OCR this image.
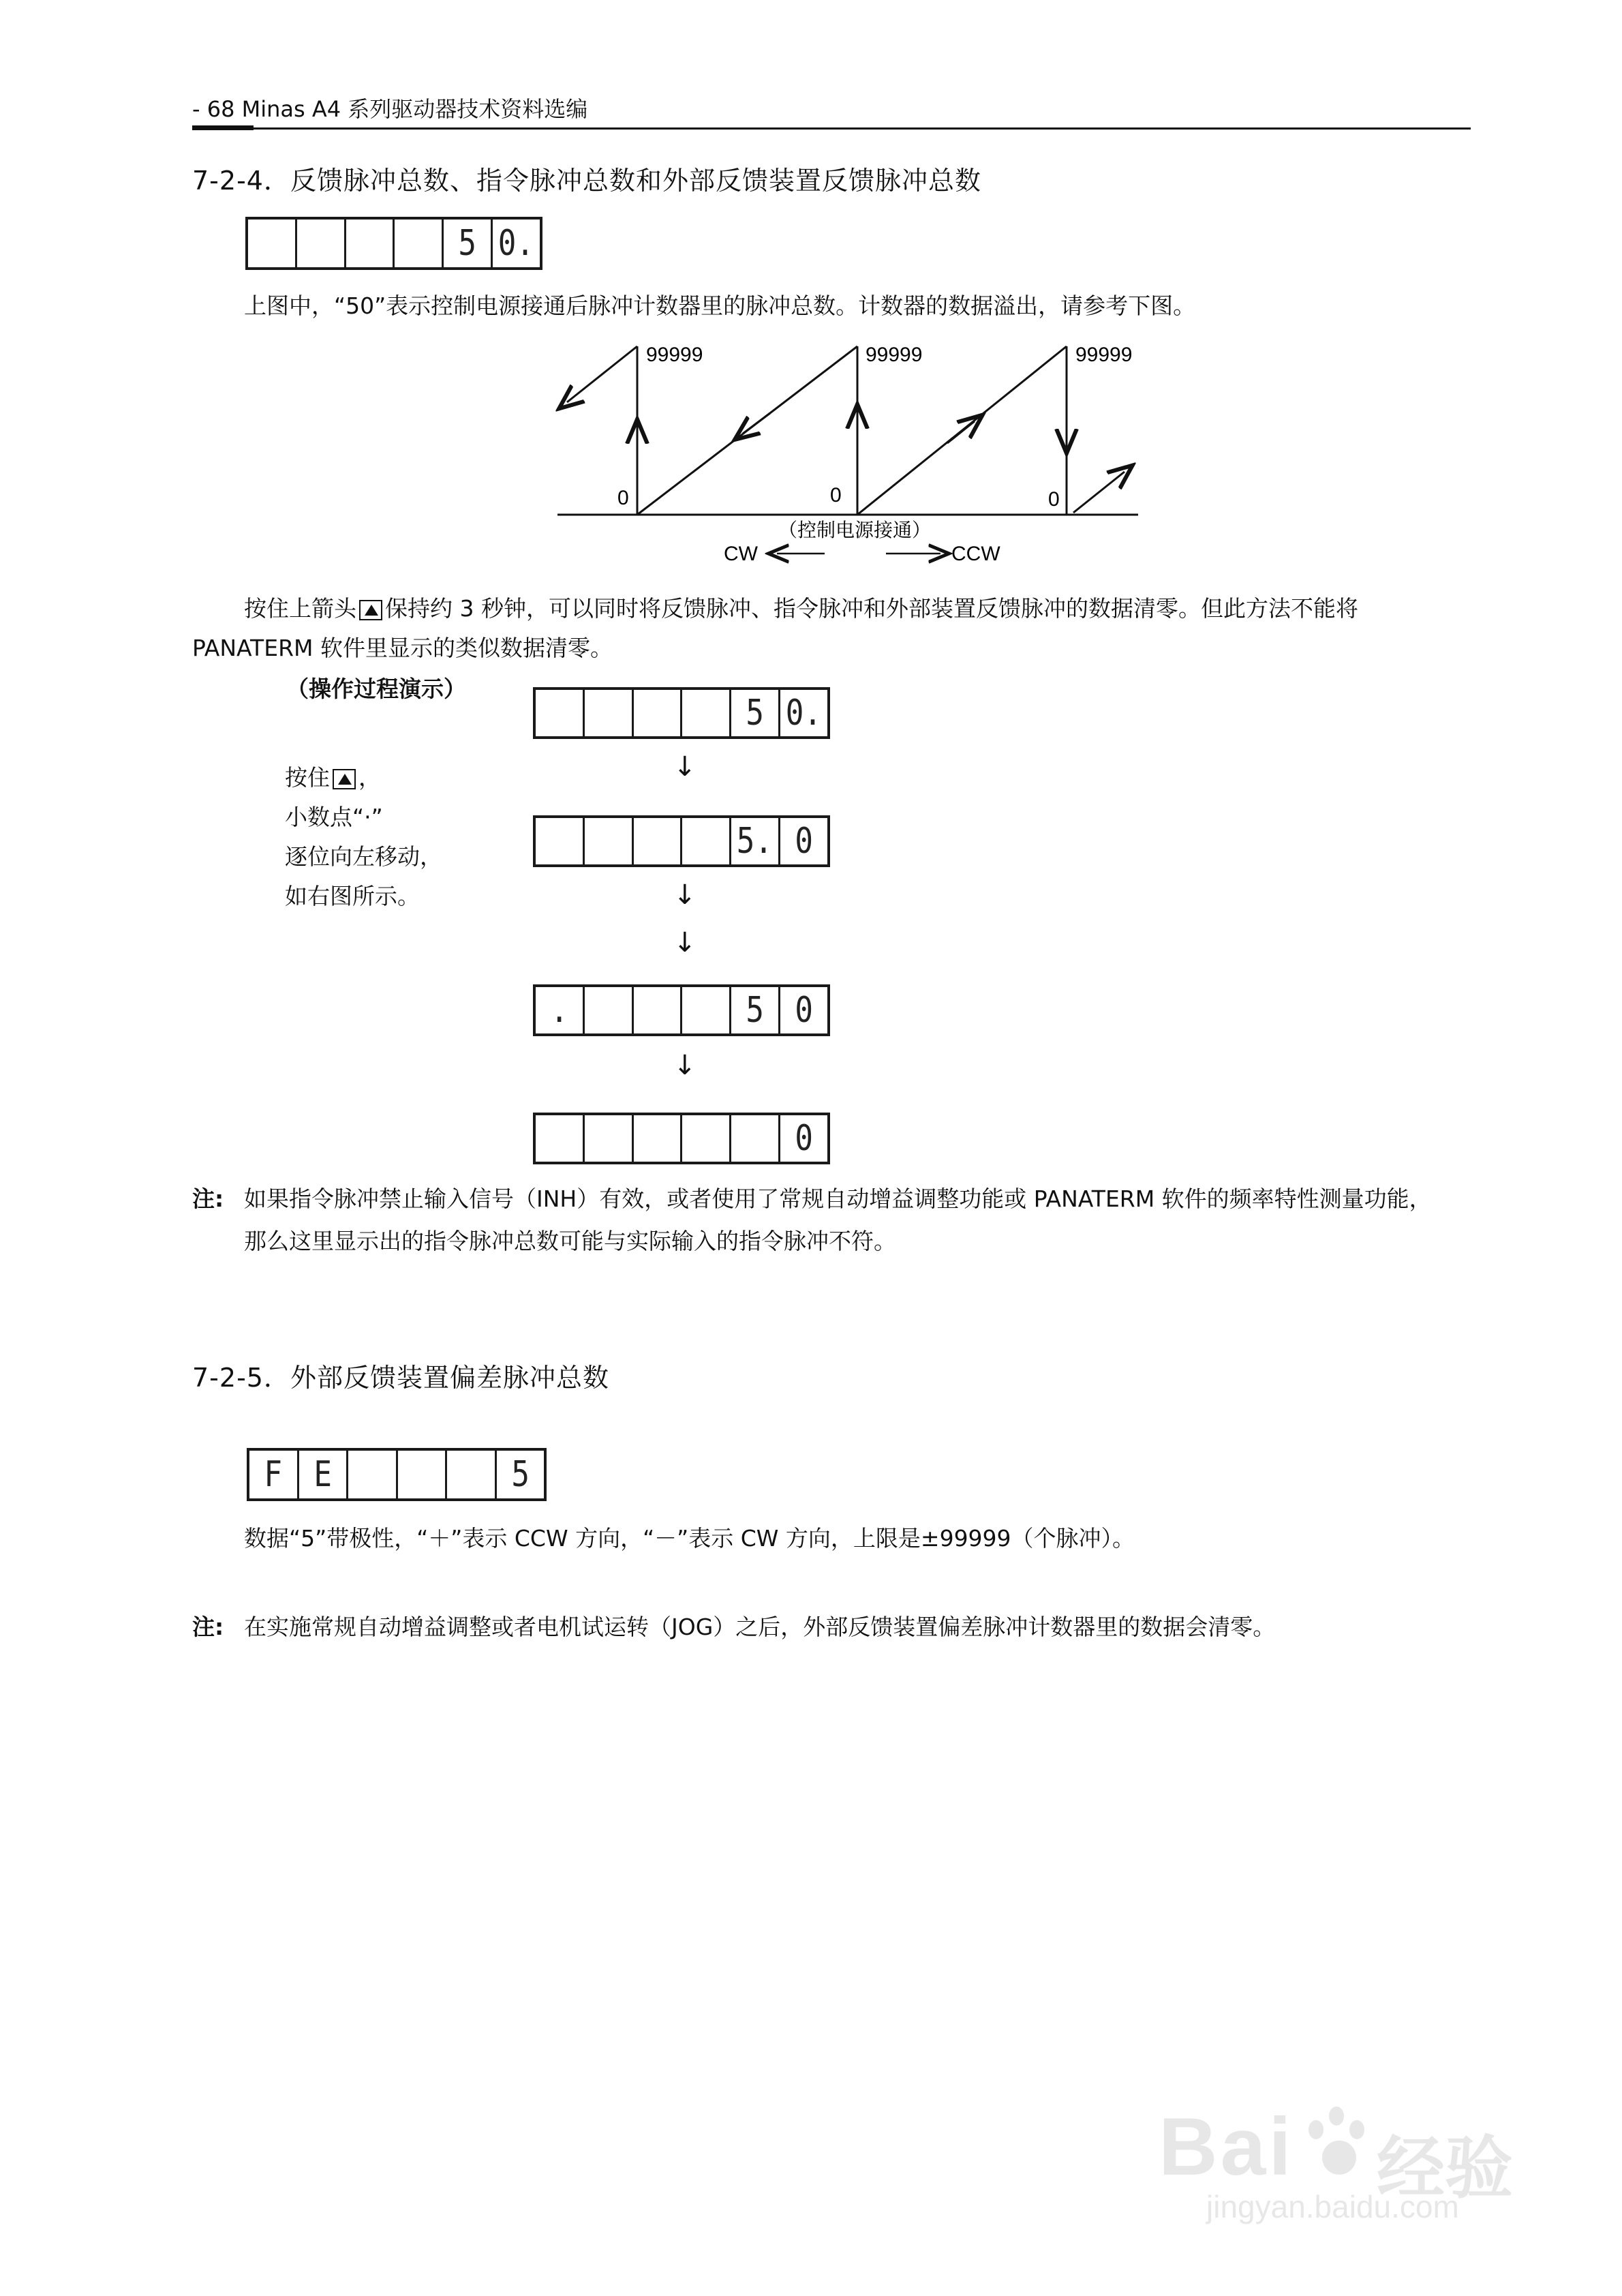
- 68 Minas A4 系列驱动器技术资料选编
7-2-4．反馈脉冲总数、指令脉冲总数和外部反馈装置反馈脉冲总数
5 0.
上图中，“50”表示控制电源接通后脉冲计数器里的脉冲总数。计数器的数据溢出，请参考下图。
99999	99999	99999
0	0	0
（控制电源接通）
CW	CCW
按住上箭头 保持约 3 秒钟，可以同时将反馈脉冲、指令脉冲和外部装置反馈脉冲的数据清零。但此方法不能将
PANATERM 软件里显示的类似数据清零。
（操作过程演示）
按住 ，
小数点“·”
逐位向左移动，
如右图所示。
5 0.
↓
5. 0
↓
↓
.	5 0
↓
0
注: 如果指令脉冲禁止输入信号（INH）有效，或者使用了常规自动增益调整功能或 PANATERM 软件的频率特性测量功能，
那么这里显示出的指令脉冲总数可能与实际输入的指令脉冲不符。
7-2-5．外部反馈装置偏差脉冲总数
F E	5
数据“5”带极性，“＋”表示 CCW 方向，“－”表示 CW 方向，上限是±99999（个脉冲）。
注: 在实施常规自动增益调整或者电机试运转（JOG）之后，外部反馈装置偏差脉冲计数器里的数据会清零。
Bai 经验
jingyan.baidu.com
